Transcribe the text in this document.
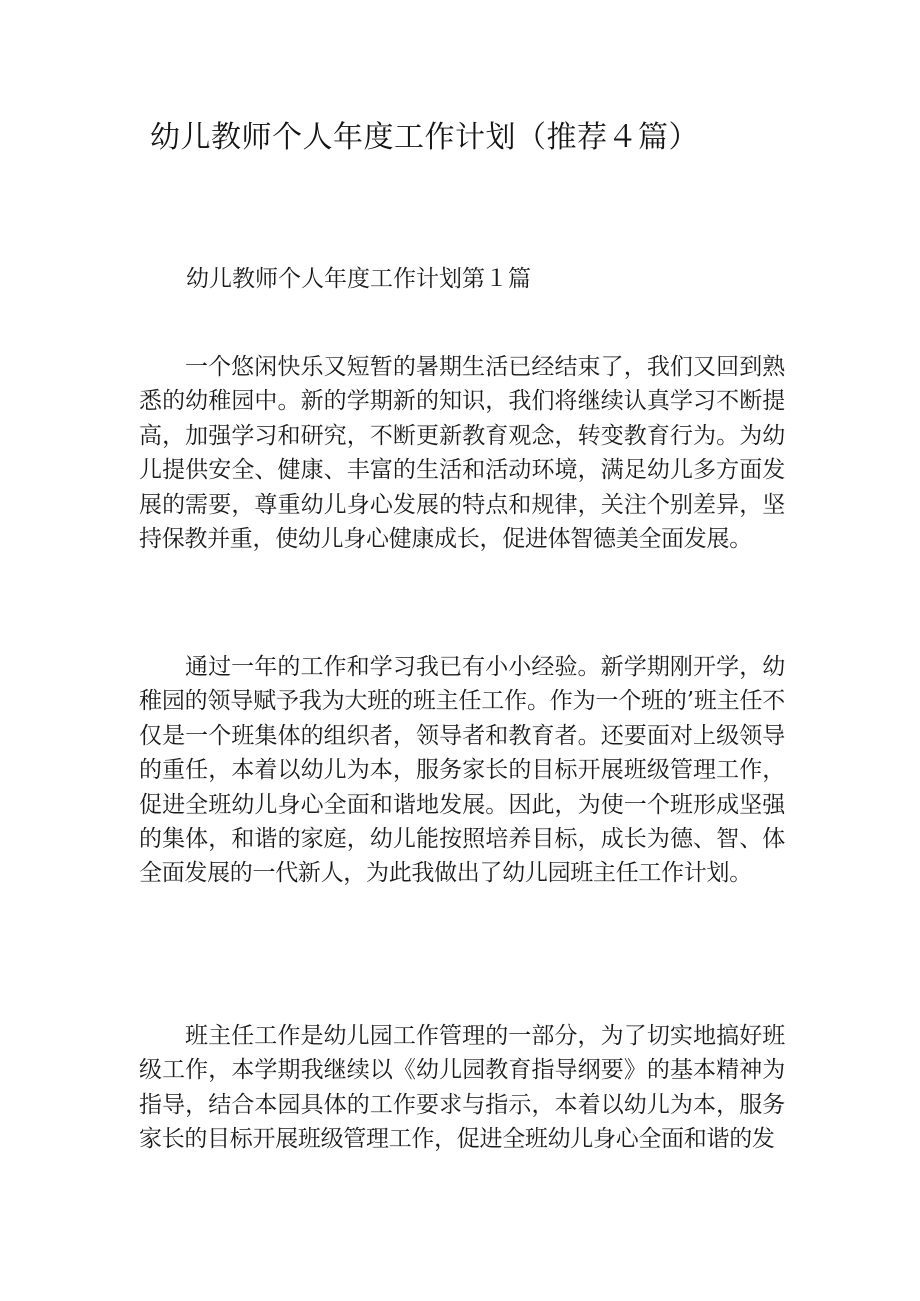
幼儿教师个人年度工作计划（推荐４篇）
幼儿教师个人年度工作计划第１篇

一个悠闲快乐又短暂的暑期生活已经结束了，我们又回到熟悉的幼稚园中。新的学期新的知识，我们将继续认真学习不断提高，加强学习和研究，不断更新教育观念，转变教育行为。为幼儿提供安全、健康、丰富的生活和活动环境，满足幼儿多方面发展的需要，尊重幼儿身心发展的特点和规律，关注个别差异，坚持保教并重，使幼儿身心健康成长，促进体智德美全面发展。

通过一年的工作和学习我已有小小经验。新学期刚开学，幼稚园的领导赋予我为大班的班主任工作。作为一个班的’班主任不仅是一个班集体的组织者，领导者和教育者。还要面对上级领导的重任，本着以幼儿为本，服务家长的目标开展班级管理工作，促进全班幼儿身心全面和谐地发展。因此，为使一个班形成坚强的集体，和谐的家庭，幼儿能按照培养目标，成长为德、智、体全面发展的一代新人，为此我做出了幼儿园班主任工作计划。

班主任工作是幼儿园工作管理的一部分，为了切实地搞好班级工作，本学期我继续以《幼儿园教育指导纲要》的基本精神为指导，结合本园具体的工作要求与指示，本着以幼儿为本，服务家长的目标开展班级管理工作，促进全班幼儿身心全面和谐的发
